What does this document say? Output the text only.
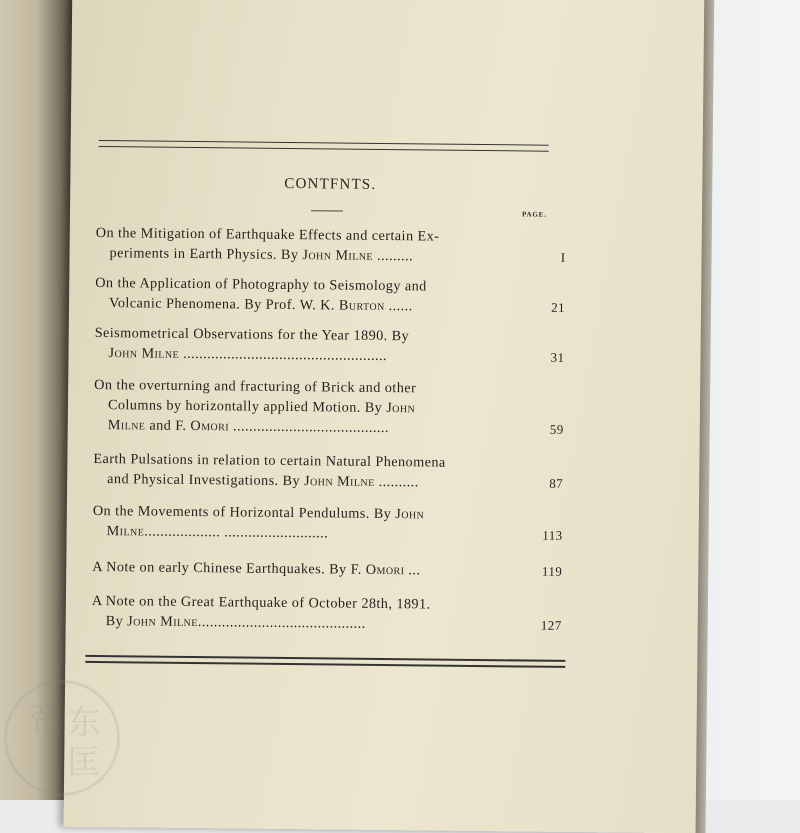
CONTFNTS.
PAGE.
On the Mitigation of Earthquake Effects and certain Ex-
periments in Earth Physics. By John Milne .........	I
On the Application of Photography to Seismology and
Volcanic Phenomena. By Prof. W. K. Burton ......	21
Seismometrical Observations for the Year 1890. By
John Milne ...................................................	31
On the overturning and fracturing of Brick and other
Columns by horizontally applied Motion. By John
Milne and F. Omori .......................................	59
Earth Pulsations in relation to certain Natural Phenomena
and Physical Investigations. By John Milne ..........	87
On the Movements of Horizontal Pendulums. By John
Milne................... ..........................	113
A Note on early Chinese Earthquakes. By F. Omori ...	119
A Note on the Great Earthquake of October 28th, 1891.
By John Milne..........................................	127
帝 东
匡
